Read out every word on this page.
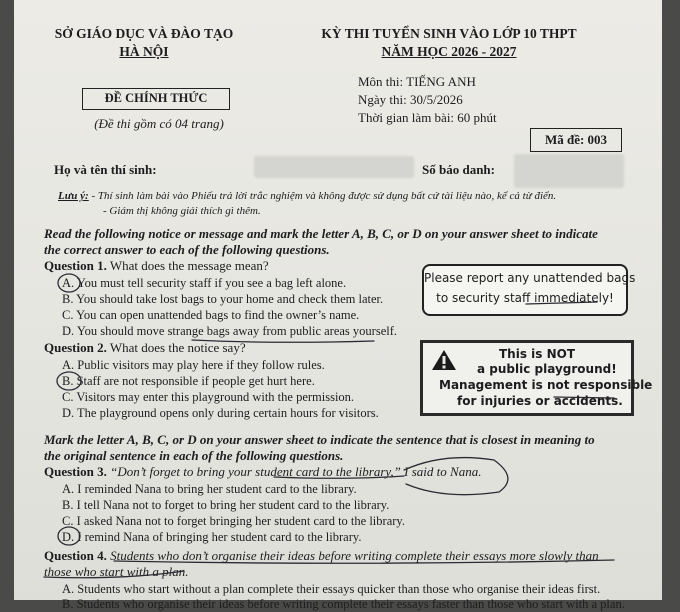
SỞ GIÁO DỤC VÀ ĐÀO TẠO
HÀ NỘI
KỲ THI TUYỂN SINH VÀO LỚP 10 THPT
NĂM HỌC 2026 - 2027
ĐỀ CHÍNH THỨC
(Đề thi gồm có 04 trang)
Môn thi: TIẾNG ANH
Ngày thi: 30/5/2026
Thời gian làm bài: 60 phút
Mã đề: 003
Họ và tên thí sinh:	Số báo danh:
Lưu ý: - Thí sinh làm bài vào Phiếu trả lời trắc nghiệm và không được sử dụng bất cứ tài liệu nào, kể cả từ điển.
- Giám thị không giải thích gì thêm.
Read the following notice or message and mark the letter A, B, C, or D on your answer sheet to indicate
the correct answer to each of the following questions.
Question 1. What does the message mean?
A. You must tell security staff if you see a bag left alone.
B. You should take lost bags to your home and check them later.
C. You can open unattended bags to find the owner’s name.
D. You should move strange bags away from public areas yourself.
Please report any unattended bags
to security staff immediately!
Question 2. What does the notice say?
A. Public visitors may play here if they follow rules.
B. Staff are not responsible if people get hurt here.
C. Visitors may enter this playground with the permission.
D. The playground opens only during certain hours for visitors.
This is NOT
a public playground!
Management is not responsible
for injuries or accidents.
Mark the letter A, B, C, or D on your answer sheet to indicate the sentence that is closest in meaning to
the original sentence in each of the following questions.
Question 3. “Don’t forget to bring your student card to the library,” I said to Nana.
A. I reminded Nana to bring her student card to the library.
B. I tell Nana not to forget to bring her student card to the library.
C. I asked Nana not to forget bringing her student card to the library.
D. I remind Nana of bringing her student card to the library.
Question 4. Students who don’t organise their ideas before writing complete their essays more slowly than
those who start with a plan.
A. Students who start without a plan complete their essays quicker than those who organise their ideas first.
B. Students who organise their ideas before writing complete their essays faster than those who start with a plan.
